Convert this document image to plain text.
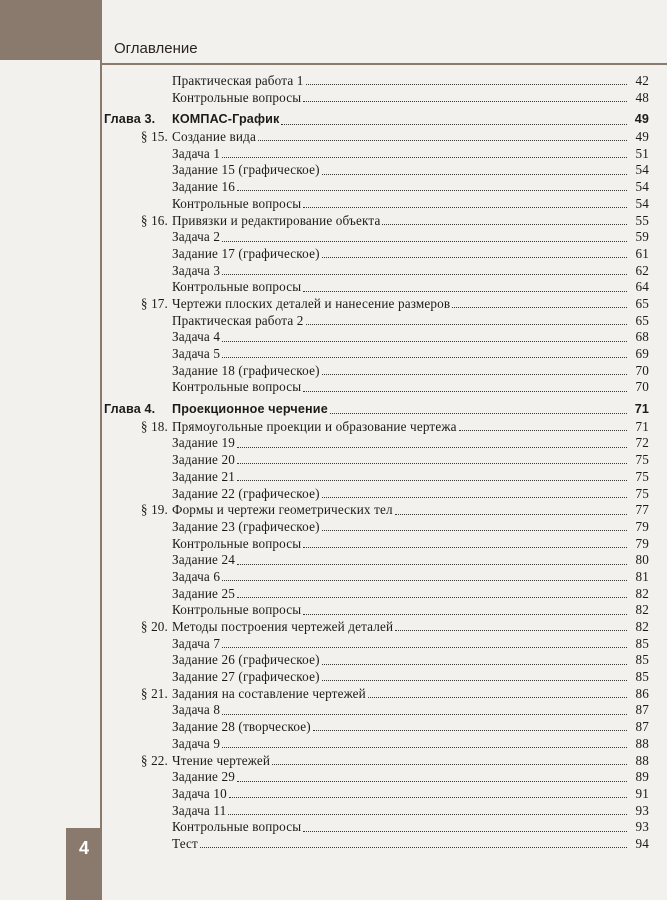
Оглавление
4
Практическая работа 1	42
Контрольные вопросы	48
Глава 3.	КОМПАС-График	49
§ 15. Создание вида	49
Задача 1	51
Задание 15 (графическое)	54
Задание 16	54
Контрольные вопросы	54
§ 16. Привязки и редактирование объекта	55
Задача 2	59
Задание 17 (графическое)	61
Задача 3	62
Контрольные вопросы	64
§ 17. Чертежи плоских деталей и нанесение размеров	65
Практическая работа 2	65
Задача 4	68
Задача 5	69
Задание 18 (графическое)	70
Контрольные вопросы	70
Глава 4.	Проекционное черчение	71
§ 18. Прямоугольные проекции и образование чертежа	71
Задание 19	72
Задание 20	75
Задание 21	75
Задание 22 (графическое)	75
§ 19. Формы и чертежи геометрических тел	77
Задание 23 (графическое)	79
Контрольные вопросы	79
Задание 24	80
Задача 6	81
Задание 25	82
Контрольные вопросы	82
§ 20. Методы построения чертежей деталей	82
Задача 7	85
Задание 26 (графическое)	85
Задание 27 (графическое)	85
§ 21. Задания на составление чертежей	86
Задача 8	87
Задание 28 (творческое)	87
Задача 9	88
§ 22. Чтение чертежей	88
Задание 29	89
Задача 10	91
Задача 11	93
Контрольные вопросы	93
Тест	94
